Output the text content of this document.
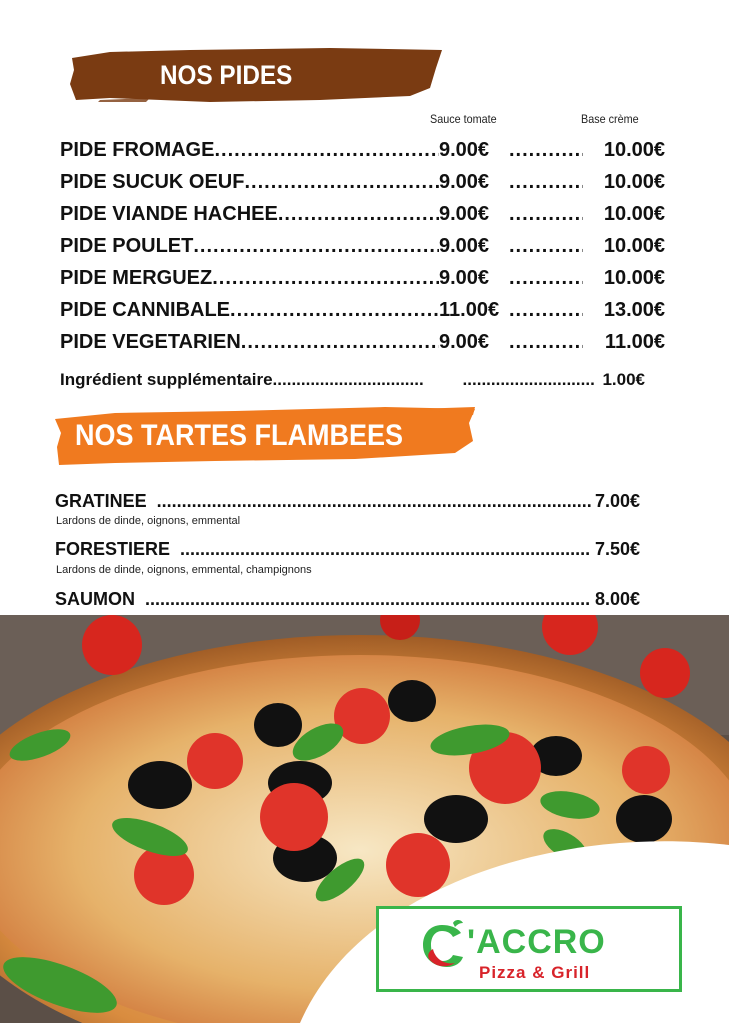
NOS PIDES
Sauce tomate	Base crème
PIDE FROMAGE .....	9.00€ .....	10.00€
PIDE SUCUK OEUF .....	9.00€ .....	10.00€
PIDE VIANDE HACHEE .....	9.00€ .....	10.00€
PIDE POULET .....	9.00€ .....	10.00€
PIDE MERGUEZ .....	9.00€ .....	10.00€
PIDE CANNIBALE .....	11.00€ .....	13.00€
PIDE VEGETARIEN .....	9.00€ .....	11.00€
Ingrédient supplémentaire ..... .....	1.00€
NOS TARTES FLAMBEES
GRATINEE .....	7.00€
Lardons de dinde, oignons, emmental
FORESTIERE .....	7.50€
Lardons de dinde, oignons, emmental, champignons
SAUMON .....	8.00€
'ACCRO
Pizza & Grill
